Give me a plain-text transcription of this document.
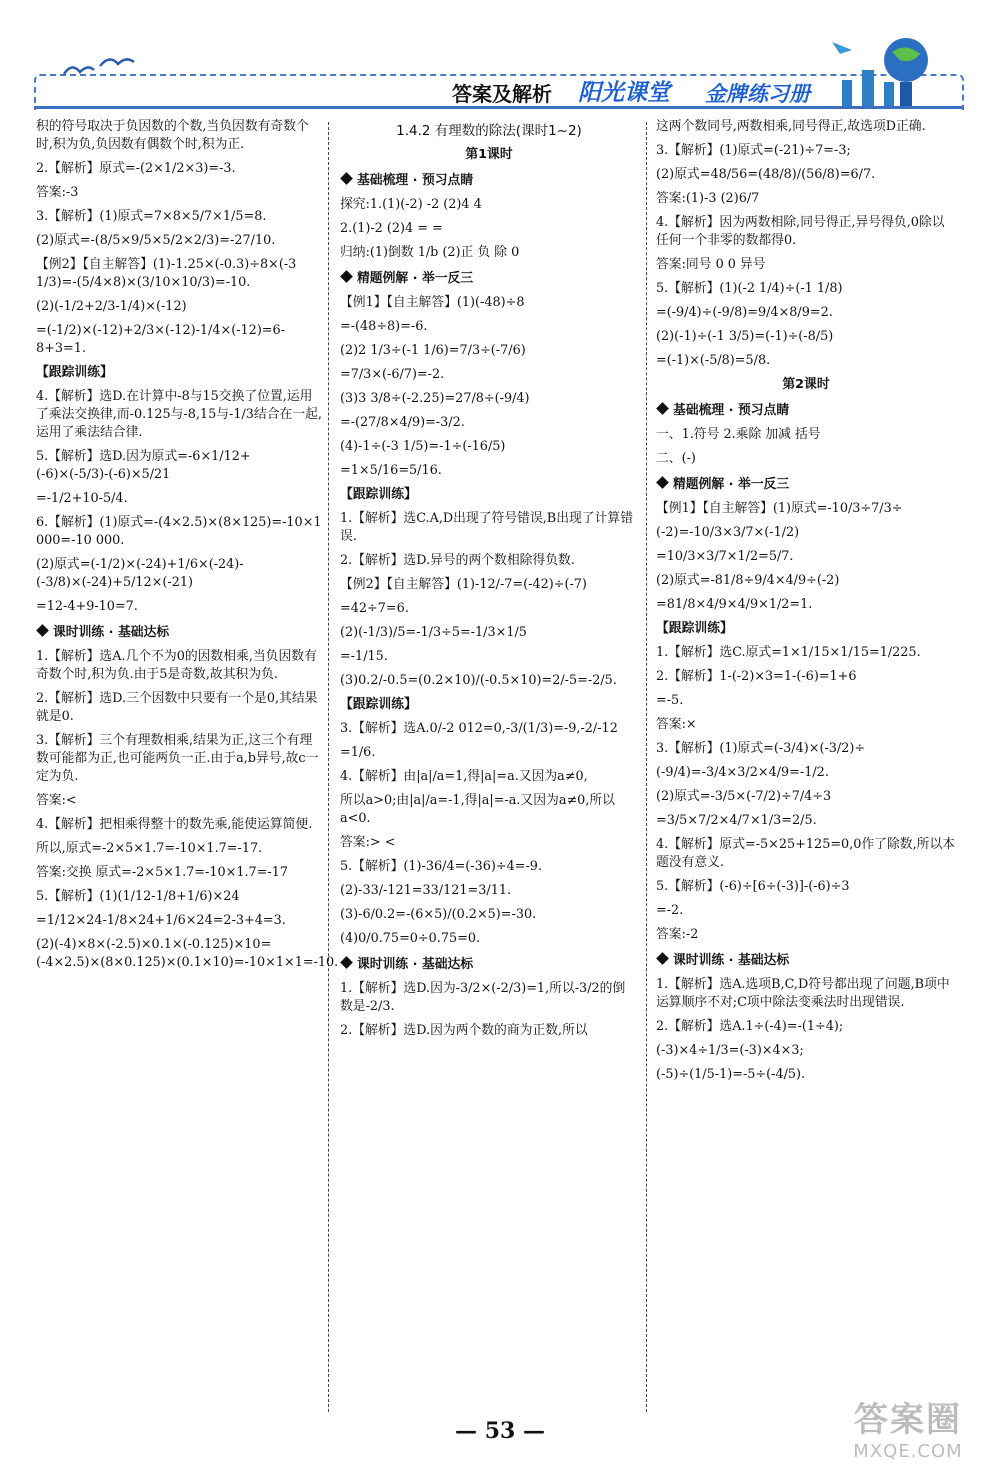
答案及解析 阳光课堂 金牌练习册

积的符号取决于负因数的个数,当负因数有奇数个时,积为负,负因数有偶数个时,积为正.

2.【解析】原式=-(2×1/2×3)=-3.

答案:-3

3.【解析】(1)原式=7×8×5/7×1/5=8.

(2)原式=-(8/5×9/5×5/2×2/3)=-27/10.

【例2】【自主解答】(1)-1.25×(-0.3)÷8×(-3 1/3)=-(5/4×8)×(3/10×10/3)=-10.

(2)(-1/2+2/3-1/4)×(-12)

=(-1/2)×(-12)+2/3×(-12)-1/4×(-12)=6-8+3=1.

【跟踪训练】

4.【解析】选D.在计算中-8与15交换了位置,运用了乘法交换律,而-0.125与-8,15与-1/3结合在一起,运用了乘法结合律.

5.【解析】选D.因为原式=-6×1/12+(-6)×(-5/3)-(-6)×5/21

=-1/2+10-5/4.

6.【解析】(1)原式=-(4×2.5)×(8×125)=-10×1 000=-10 000.

(2)原式=(-1/2)×(-24)+1/6×(-24)-(-3/8)×(-24)+5/12×(-21)

=12-4+9-10=7.

课时训练 · 基础达标

1.【解析】选A.几个不为0的因数相乘,当负因数有奇数个时,积为负.由于5是奇数,故其积为负.

2.【解析】选D.三个因数中只要有一个是0,其结果就是0.

3.【解析】三个有理数相乘,结果为正,这三个有理数可能都为正,也可能两负一正.由于a,b异号,故c一定为负.

答案:<

4.【解析】把相乘得整十的数先乘,能使运算简便.

所以,原式=-2×5×1.7=-10×1.7=-17.

答案:交换 原式=-2×5×1.7=-10×1.7=-17

5.【解析】(1)(1/12-1/8+1/6)×24

=1/12×24-1/8×24+1/6×24=2-3+4=3.

(2)(-4)×8×(-2.5)×0.1×(-0.125)×10=(-4×2.5)×(8×0.125)×(0.1×10)=-10×1×1=-10.

1.4.2 有理数的除法(课时1~2)

第1课时

基础梳理 · 预习点睛

探究:1.(1)(-2) -2 (2)4 4

2.(1)-2 (2)4 = =

归纳:(1)倒数 1/b (2)正 负 除 0

精题例解 · 举一反三

【例1】【自主解答】(1)(-48)÷8

=-(48÷8)=-6.

(2)2 1/3÷(-1 1/6)=7/3÷(-7/6)

=7/3×(-6/7)=-2.

(3)3 3/8÷(-2.25)=27/8÷(-9/4)

=-(27/8×4/9)=-3/2.

(4)-1÷(-3 1/5)=-1÷(-16/5)

=1×5/16=5/16.

【跟踪训练】

1.【解析】选C.A,D出现了符号错误,B出现了计算错误.

2.【解析】选D.异号的两个数相除得负数.

【例2】【自主解答】(1)-12/-7=(-42)÷(-7)

=42÷7=6.

(2)(-1/3)/5=-1/3÷5=-1/3×1/5

=-1/15.

(3)0.2/-0.5=(0.2×10)/(-0.5×10)=2/-5=-2/5.

【跟踪训练】

3.【解析】选A.0/-2 012=0,-3/(1/3)=-9,-2/-12

=1/6.

4.【解析】由|a|/a=1,得|a|=a.又因为a≠0,

所以a>0;由|a|/a=-1,得|a|=-a.又因为a≠0,所以a<0.

答案:> <

5.【解析】(1)-36/4=(-36)÷4=-9.

(2)-33/-121=33/121=3/11.

(3)-6/0.2=-(6×5)/(0.2×5)=-30.

(4)0/0.75=0÷0.75=0.

课时训练 · 基础达标

1.【解析】选D.因为-3/2×(-2/3)=1,所以-3/2的倒数是-2/3.

2.【解析】选D.因为两个数的商为正数,所以

这两个数同号,两数相乘,同号得正,故选项D正确.

3.【解析】(1)原式=(-21)÷7=-3;

(2)原式=48/56=(48/8)/(56/8)=6/7.

答案:(1)-3 (2)6/7

4.【解析】因为两数相除,同号得正,异号得负,0除以任何一个非零的数都得0.

答案:同号 0 0 异号

5.【解析】(1)(-2 1/4)÷(-1 1/8)

=(-9/4)÷(-9/8)=9/4×8/9=2.

(2)(-1)÷(-1 3/5)=(-1)÷(-8/5)

=(-1)×(-5/8)=5/8.

第2课时

基础梳理 · 预习点睛

一、1.符号 2.乘除 加减 括号

二、(-)

精题例解 · 举一反三

【例1】【自主解答】(1)原式=-10/3÷7/3÷

(-2)=-10/3×3/7×(-1/2)

=10/3×3/7×1/2=5/7.

(2)原式=-81/8÷9/4×4/9÷(-2)

=81/8×4/9×4/9×1/2=1.

【跟踪训练】

1.【解析】选C.原式=1×1/15×1/15=1/225.

2.【解析】1-(-2)×3=1-(-6)=1+6

=-5.

答案:×

3.【解析】(1)原式=(-3/4)×(-3/2)÷

(-9/4)=-3/4×3/2×4/9=-1/2.

(2)原式=-3/5×(-7/2)÷7/4÷3

=3/5×7/2×4/7×1/3=2/5.

4.【解析】原式=-5×25+125=0,0作了除数,所以本题没有意义.

5.【解析】(-6)÷[6÷(-3)]-(-6)÷3

=-2.

答案:-2

课时训练 · 基础达标

1.【解析】选A.选项B,C,D符号都出现了问题,B项中运算顺序不对;C项中除法变乘法时出现错误.

2.【解析】选A.1÷(-4)=-(1÷4);

(-3)×4÷1/3=(-3)×4×3;

(-5)÷(1/5-1)=-5÷(-4/5).

— 53 —	答案圈
MXQE.COM
